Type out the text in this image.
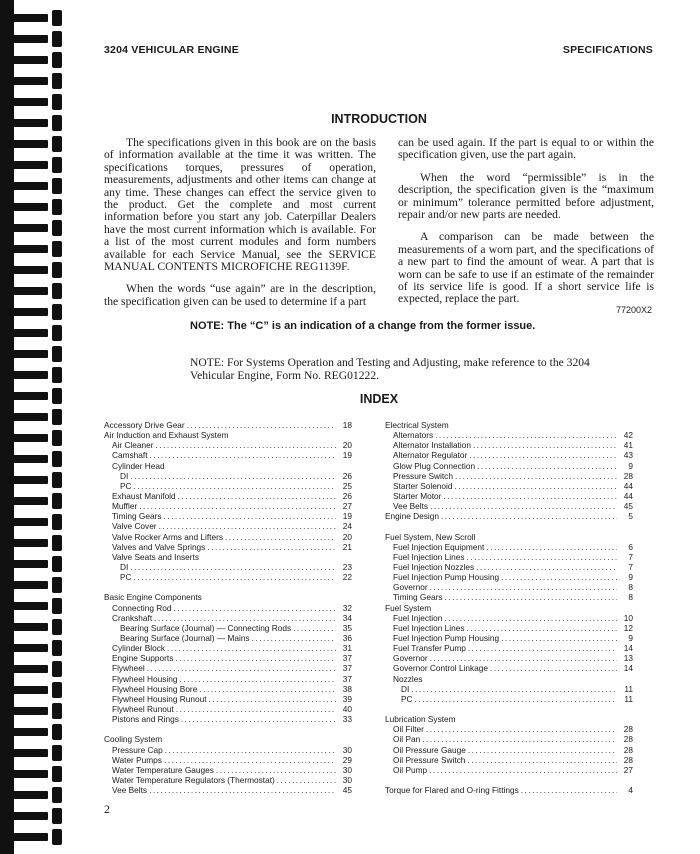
3204 VEHICULAR ENGINE	SPECIFICATIONS
INTRODUCTION

The specifications given in this book are on the basis of information available at the time it was written. The specifications torques, pressures of operation, measurements, adjustments and other items can change at any time. These changes can effect the service given to the product. Get the complete and most current information before you start any job. Caterpillar Dealers have the most current information which is available. For a list of the most current modules and form numbers available for each Service Manual, see the SERVICE MANUAL CONTENTS MICROFICHE REG1139F.

When the words “use again” are in the description, the specification given can be used to determine if a part

can be used again. If the part is equal to or within the specification given, use the part again.

When the word “permissible” is in the description, the specification given is the “maximum or minimum” tolerance permitted before adjustment, repair and/or new parts are needed.

A comparison can be made between the measurements of a worn part, and the specifications of a new part to find the amount of wear. A part that is worn can be safe to use if an estimate of the remainder of its service life is good. If a short service life is expected, replace the part.

77200X2
NOTE: The “C” is an indication of a change from the former issue.
NOTE: For Systems Operation and Testing and Adjusting, make reference to the 3204 Vehicular Engine, Form No. REG01222.
INDEX
Accessory Drive Gear .....	18
Air Induction and Exhaust System
Air Cleaner .....	20
Camshaft .....	19
Cylinder Head
DI .....	26
PC .....	25
Exhaust Manifold .....	26
Muffler .....	27
Timing Gears .....	19
Valve Cover .....	24
Valve Rocker Arms and Lifters .....	20
Valves and Valve Springs .....	21
Valve Seats and Inserts
DI .....	23
PC .....	22
Basic Engine Components
Connecting Rod .....	32
Crankshaft .....	34
Bearing Surface (Journal) — Connecting Rods .....	35
Bearing Surface (Journal) — Mains .....	36
Cylinder Block .....	31
Engine Supports .....	37
Flywheel .....	37
Flywheel Housing .....	37
Flywheel Housing Bore .....	38
Flywheel Housing Runout .....	39
Flywheel Runout .....	40
Pistons and Rings .....	33
Cooling System
Pressure Cap .....	30
Water Pumps .....	29
Water Temperature Gauges .....	30
Water Temperature Regulators (Thermostat) .....	30
Vee Belts .....	45
Electrical System
Alternators .....	42
Alternator Installation .....	41
Alternator Regulator .....	43
Glow Plug Connection .....	9
Pressure Switch .....	28
Starter Solenoid .....	44
Starter Motor .....	44
Vee Belts .....	45
Engine Design .....	5
Fuel System, New Scroll
Fuel Injection Equipment .....	6
Fuel Injection Lines .....	7
Fuel Injection Nozzles .....	7
Fuel Injection Pump Housing .....	9
Governor .....	8
Timing Gears .....	8
Fuel System
Fuel Injection .....	10
Fuel Injection Lines .....	12
Fuel Injection Pump Housing .....	9
Fuel Transfer Pump .....	14
Governor .....	13
Governor Control Linkage .....	14
Nozzles
DI .....	11
PC .....	11
Lubrication System
Oil Filter .....	28
Oil Pan .....	28
Oil Pressure Gauge .....	28
Oil Pressure Switch .....	28
Oil Pump .....	27
Torque for Flared and O-ring Fittings .....	4
2
